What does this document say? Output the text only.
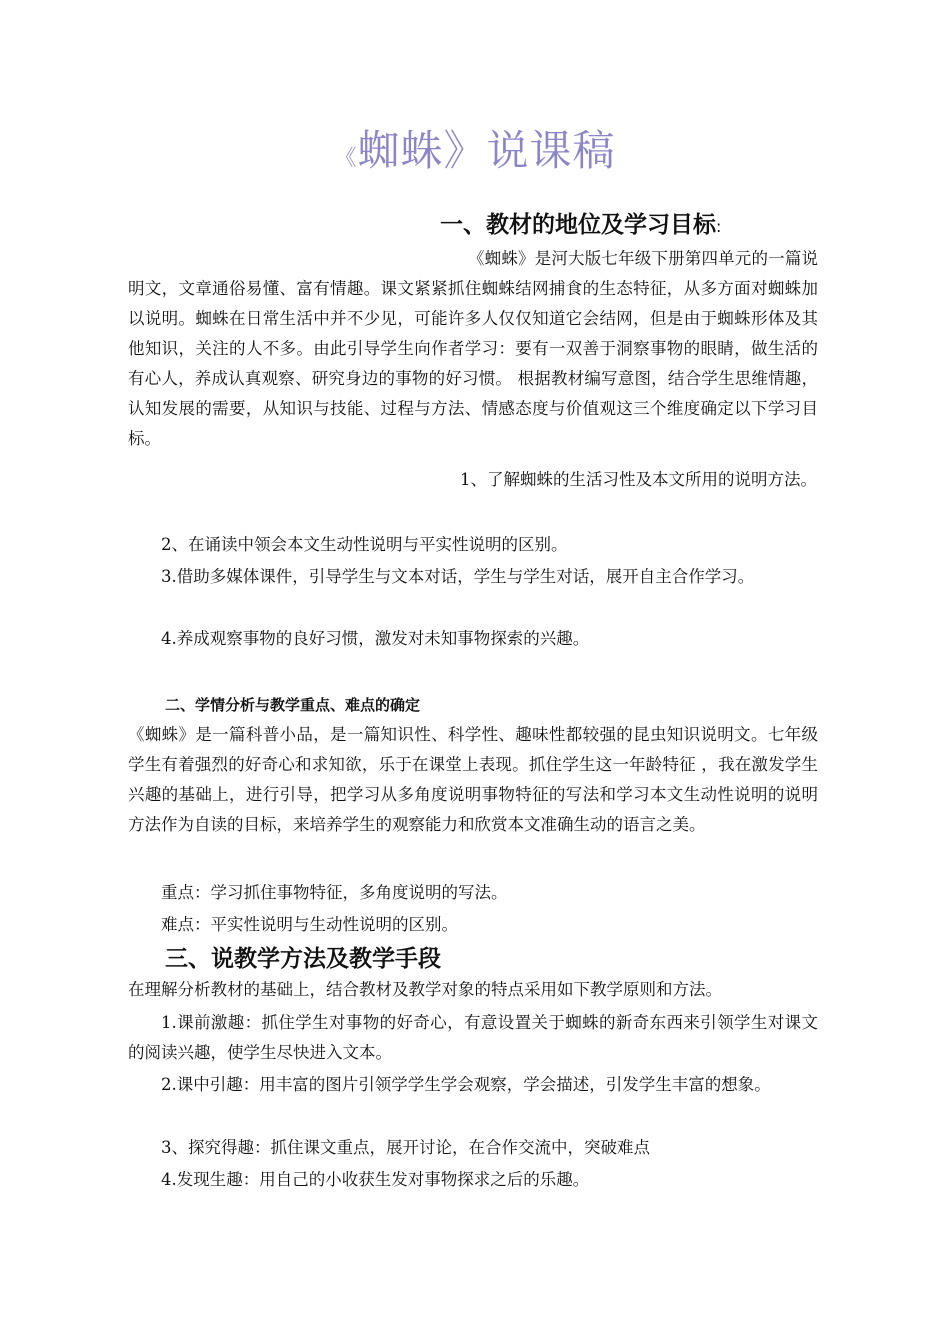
《蜘蛛》说课稿
一、教材的地位及学习目标:
《蜘蛛》是河大版七年级下册第四单元的一篇说明文，文章通俗易懂、富有情趣。课文紧紧抓住蜘蛛结网捕食的生态特征，从多方面对蜘蛛加以说明。蜘蛛在日常生活中并不少见，可能许多人仅仅知道它会结网，但是由于蜘蛛形体及其他知识，关注的人不多。由此引导学生向作者学习：要有一双善于洞察事物的眼睛，做生活的有心人，养成认真观察、研究身边的事物的好习惯。 根据教材编写意图，结合学生思维情趣，认知发展的需要，从知识与技能、过程与方法、情感态度与价值观这三个维度确定以下学习目标。
1、了解蜘蛛的生活习性及本文所用的说明方法。
2、在诵读中领会本文生动性说明与平实性说明的区别。
3.借助多媒体课件，引导学生与文本对话，学生与学生对话，展开自主合作学习。
4.养成观察事物的良好习惯，激发对未知事物探索的兴趣。
二、学情分析与教学重点、难点的确定
《蜘蛛》是一篇科普小品，是一篇知识性、科学性、趣味性都较强的昆虫知识说明文。七年级学生有着强烈的好奇心和求知欲，乐于在课堂上表现。抓住学生这一年龄特征 ，我在激发学生兴趣的基础上，进行引导，把学习从多角度说明事物特征的写法和学习本文生动性说明的说明方法作为自读的目标，来培养学生的观察能力和欣赏本文准确生动的语言之美。
重点：学习抓住事物特征，多角度说明的写法。
难点：平实性说明与生动性说明的区别。
三、说教学方法及教学手段
在理解分析教材的基础上，结合教材及教学对象的特点采用如下教学原则和方法。
1.课前激趣：抓住学生对事物的好奇心，有意设置关于蜘蛛的新奇东西来引领学生对课文的阅读兴趣，使学生尽快进入文本。
2.课中引趣：用丰富的图片引领学学生学会观察，学会描述，引发学生丰富的想象。
3、探究得趣：抓住课文重点，展开讨论，在合作交流中，突破难点
4.发现生趣：用自己的小收获生发对事物探求之后的乐趣。
